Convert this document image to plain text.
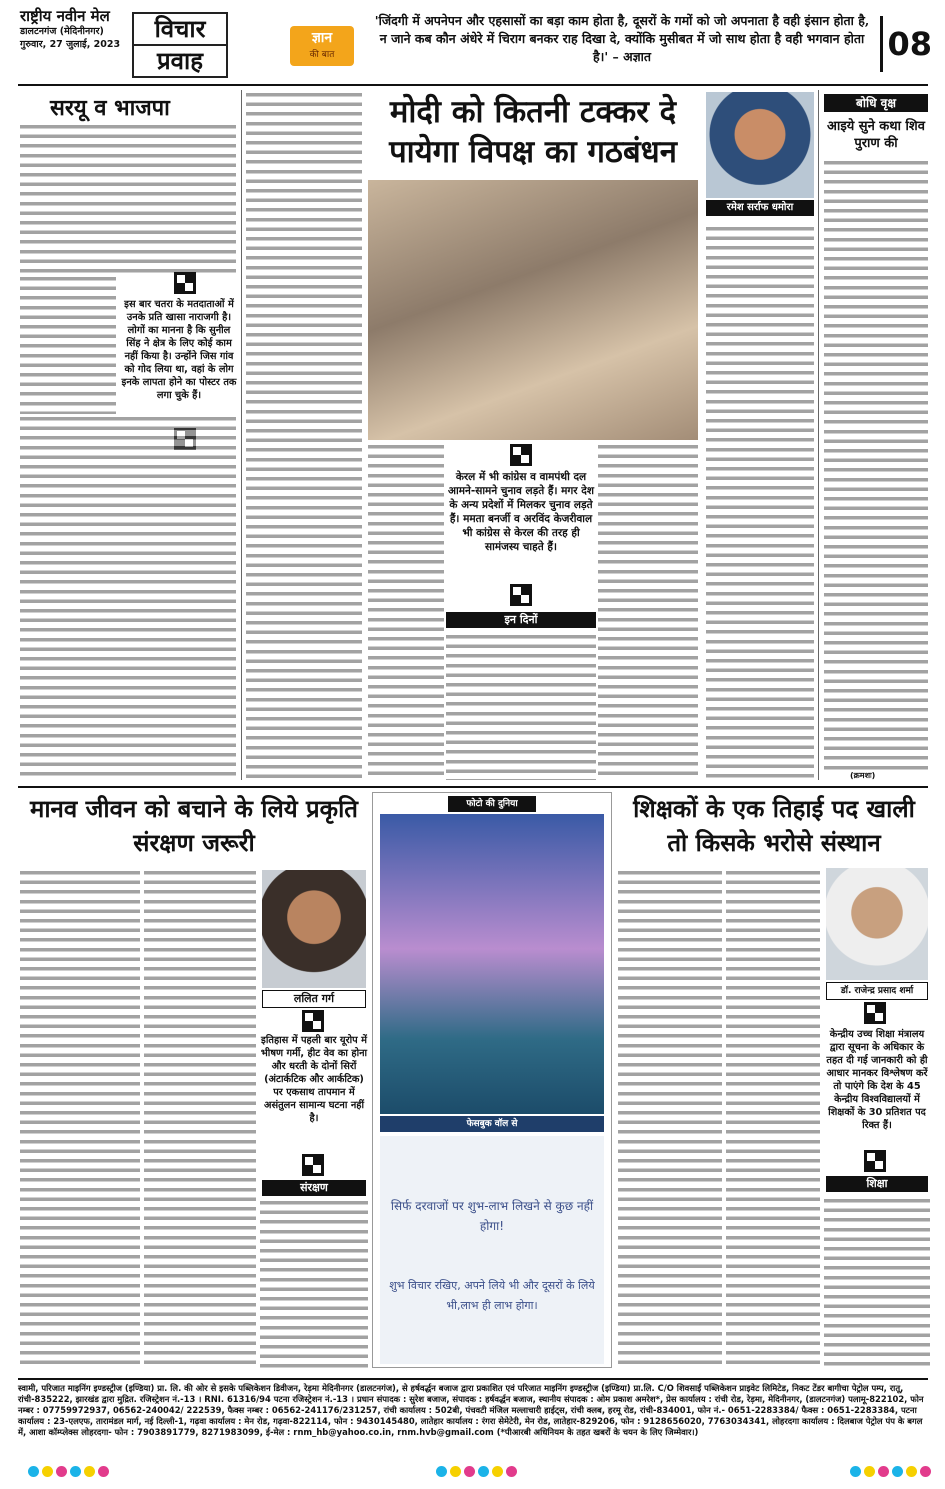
राष्ट्रीय नवीन मेल
डालटनगंज (मेदिनीनगर)
गुरुवार, 27 जुलाई, 2023
विचार
प्रवाह
ज्ञान
की बात
'जिंदगी में अपनेपन और एहसासों का बड़ा काम होता है, दूसरों के गमों को जो अपनाता है वही इंसान होता है, न जाने कब कौन अंधेरे में चिराग बनकर राह दिखा दे, क्योंकि मुसीबत में जो साथ होता है वही भगवान होता है।' – अज्ञात	08
सरयू व भाजपा
इस बार चतरा के मतदाताओं में उनके प्रति खासा नाराजगी है। लोगों का मानना है कि सुनील सिंह ने क्षेत्र के लिए कोई काम नहीं किया है। उन्होंने जिस गांव को गोद लिया था, वहां के लोग इनके लापता होने का पोस्टर तक लगा चुके हैं।
मोदी को कितनी टक्कर दे पायेगा विपक्ष का गठबंधन
रमेश सर्राफ धमोरा
केरल में भी कांग्रेस व वामपंथी दल आमने-सामने चुनाव लड़ते हैं। मगर देश के अन्य प्रदेशों में मिलकर चुनाव लड़ते हैं। ममता बनर्जी व अरविंद केजरीवाल भी कांग्रेस से केरल की तरह ही सामंजस्य चाहते हैं।
इन दिनों
बोधि वृक्ष
आइये सुने कथा शिव पुराण की
(क्रमशः)
मानव जीवन को बचाने के लिये प्रकृति संरक्षण जरूरी
ललित गर्ग
इतिहास में पहली बार यूरोप में भीषण गर्मी, हीट वेव का होना और धरती के दोनों सिरों (अंटार्कटिक और आर्कटिक) पर एकसाथ तापमान में असंतुलन सामान्य घटना नहीं है।
संरक्षण
फोटो की दुनिया
फेसबुक वॉल से
सिर्फ दरवाजों पर शुभ-लाभ लिखने से कुछ नहीं होगा!
शुभ विचार रखिए, अपने लिये भी और दूसरों के लिये भी,लाभ ही लाभ होगा।
शिक्षकों के एक तिहाई पद खाली तो किसके भरोसे संस्थान
डॉ. राजेन्द्र प्रसाद शर्मा
केन्द्रीय उच्च शिक्षा मंत्रालय द्वारा सूचना के अधिकार के तहत दी गई जानकारी को ही आधार मानकर विश्लेषण करें तो पाएंगे कि देश के 45 केन्द्रीय विश्वविद्यालयों में शिक्षकों के 30 प्रतिशत पद रिक्त हैं।
शिक्षा
स्वामी, परिजात माइनिंग इण्डस्ट्रीज (इण्डिया) प्रा. लि. की ओर से इसके पब्लिकेशन डिवीजन, रेड़मा मेदिनीनगर (डालटनगंज), से हर्षवर्द्धन बजाज द्वारा प्रकाशित एवं परिजात माइनिंग इण्डस्ट्रीज (इण्डिया) प्रा.लि. C/O शिवसाईं पब्लिकेशन प्राइवेट लिमिटेड, निकट टेंडर बागीचा पेट्रोल पम्प, रातू, रांची-835222, झारखंड द्वारा मुद्रित. रजिस्ट्रेशन नं.-13 । RNI. 61316/94 पटना रजिस्ट्रेशन नं.-13 । प्रधान संपादक : सुरेश बजाज, संपादक : हर्षवर्द्धन बजाज, स्थानीय संपादक : ओम प्रकाश अमरेश*, प्रेस कार्यालय : रांची रोड, रेड़मा, मेदिनीनगर, (डालटनगंज) पलामू-822102, फोन नम्बर : 07759972937, 06562-240042/ 222539, फैक्स नम्बर : 06562-241176/231257, रांची कार्यालय : 502बी, पंचवटी मंजिल मल्लाचारी हाईट्स, रांची क्लब, हरमू रोड, रांची-834001, फोन नं.- 0651-2283384/ फैक्स : 0651-2283384, पटना कार्यालय : 23-एलएफ, तारामंडल मार्ग, नई दिल्ली-1, गढ़वा कार्यालय : मेन रोड, गढ़वा-822114, फोन : 9430145480, लातेहार कार्यालय : रंगरा सेमेटेरी, मेन रोड, लातेहार-829206, फोन : 9128656020, 7763034341, लोहरदगा कार्यालय : दिलबाज पेट्रोल पंप के बगल में, आशा कॉम्प्लेक्स लोहरदगा- फोन : 7903891779, 8271983099, ई-मेल : rnm_hb@yahoo.co.in, rnm.hvb@gmail.com (*पीआरबी अधिनियम के तहत खबरों के चयन के लिए जिम्मेवार।)
